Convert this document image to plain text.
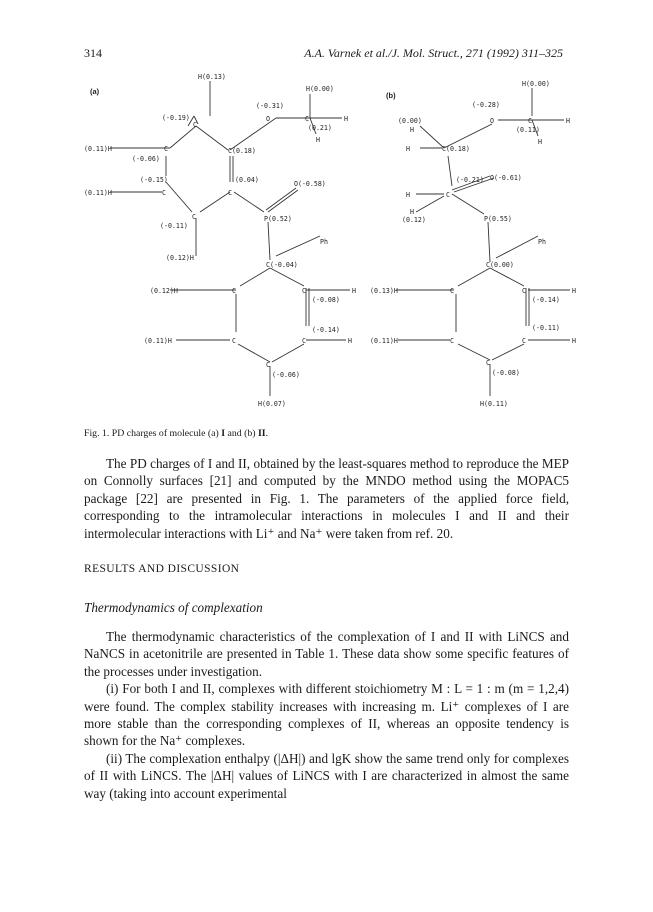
314	A.A. Varnek et al./J. Mol. Struct., 271 (1992) 311–325
(a)
H(0.13)
H(0.00)
(-0.31)
O	C	H
(0.21)
H
(-0.19)
C
(0.11)H	C
(-0.06)
C(0.18)
(-0.15)
(0.11)H	C
(0.04)
C
O(-0.58)
C
(-0.11)
P(0.52)
Ph
(0.12)H
C(-0.04)
(0.12)H	C	C	H
(-0.08)
(-0.14)
(0.11)H	C	C	H
C
(-0.06)
H(0.07)
(b)
H(0.00)
(-0.28)
O	C	H
(0.00)
H	(0.11)
H
H	C(0.18)
(-0.21) O(-0.61)
H	C
H
(0.12)	P(0.55)
Ph
C(0.00)
(0.13)H	C	C	H
(-0.14)
(-0.11)
(0.11)H	C	C	H
C
(-0.08)
H(0.11)
Fig. 1. PD charges of molecule (a) I and (b) II.

The PD charges of I and II, obtained by the least-squares method to reproduce the MEP on Connolly surfaces [21] and computed by the MNDO method using the MOPAC5 package [22] are presented in Fig. 1. The parameters of the applied force field, corresponding to the intramolecular interactions in molecules I and II and their intermolecular interactions with Li⁺ and Na⁺ were taken from ref. 20.

RESULTS AND DISCUSSION
Thermodynamics of complexation

The thermodynamic characteristics of the complexation of I and II with LiNCS and NaNCS in acetonitrile are presented in Table 1. These data show some specific features of the processes under investigation.

(i) For both I and II, complexes with different stoichiometry M : L = 1 : m (m = 1,2,4) were found. The complex stability increases with increasing m. Li⁺ complexes of I are more stable than the corresponding complexes of II, whereas an opposite tendency is shown for the Na⁺ complexes.

(ii) The complexation enthalpy (|ΔH|) and lgK show the same trend only for complexes of II with LiNCS. The |ΔH| values of LiNCS with I are characterized in almost the same way (taking into account experimental
